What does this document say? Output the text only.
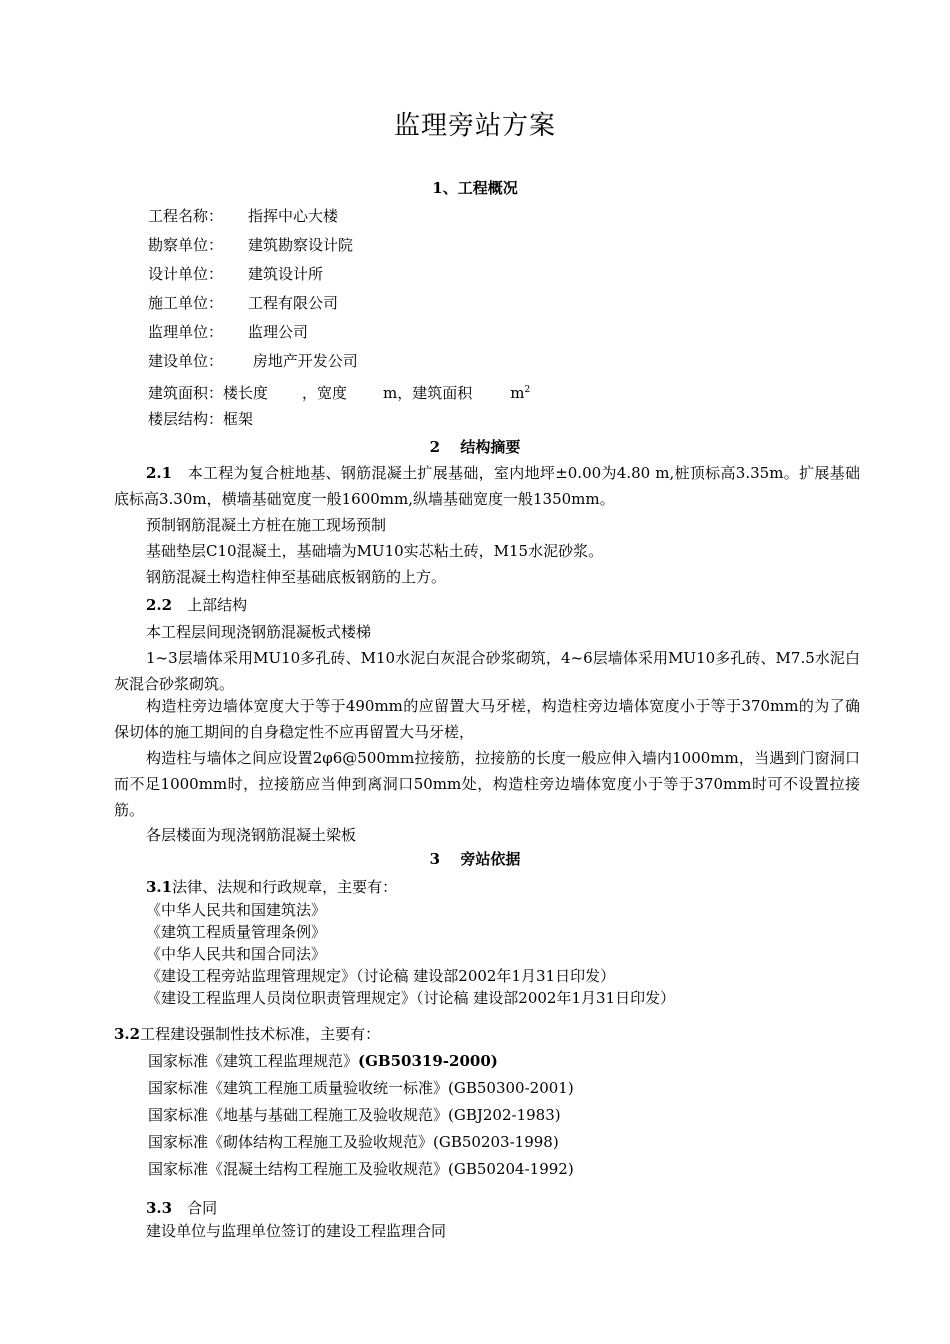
监理旁站方案
1、工程概况
工程名称： 指挥中心大楼
勘察单位： 建筑勘察设计院
设计单位： 建筑设计所
施工单位： 工程有限公司
监理单位： 监理公司
建设单位： 房地产开发公司
建筑面积：楼长度 ，宽度 m，建筑面积	$m^2$
楼层结构：框架
2　 结构摘要
2.1　本工程为复合桩地基、钢筋混凝土扩展基础，室内地坪±0.00为4.80 m,桩顶标高3.35m。扩展基础底标高3.30m，横墙基础宽度一般1600mm,纵墙基础宽度一般1350mm。
预制钢筋混凝土方桩在施工现场预制
基础垫层C10混凝土，基础墙为MU10实芯粘土砖，M15水泥砂浆。
钢筋混凝土构造柱伸至基础底板钢筋的上方。
2.2　上部结构
本工程层间现浇钢筋混凝板式楼梯
1~3层墙体采用MU10多孔砖、M10水泥白灰混合砂浆砌筑，4~6层墙体采用MU10多孔砖、M7.5水泥白灰混合砂浆砌筑。
构造柱旁边墙体宽度大于等于490mm的应留置大马牙槎，构造柱旁边墙体宽度小于等于370mm的为了确保切体的施工期间的自身稳定性不应再留置大马牙槎，
构造柱与墙体之间应设置2φ6@500mm拉接筋，拉接筋的长度一般应伸入墙内1000mm，当遇到门窗洞口而不足1000mm时，拉接筋应当伸到离洞口50mm处，构造柱旁边墙体宽度小于等于370mm时可不设置拉接筋。
各层楼面为现浇钢筋混凝土梁板
3　 旁站依据
3.1法律、法规和行政规章，主要有：
《中华人民共和国建筑法》
《建筑工程质量管理条例》
《中华人民共和国合同法》
《建设工程旁站监理管理规定》（讨论稿 建设部2002年1月31日印发）
《建设工程监理人员岗位职责管理规定》（讨论稿 建设部2002年1月31日印发）
3.2工程建设强制性技术标准，主要有：
国家标准《建筑工程监理规范》(GB50319-2000)
国家标准《建筑工程施工质量验收统一标准》(GB50300-2001)
国家标准《地基与基础工程施工及验收规范》(GBJ202-1983)
国家标准《砌体结构工程施工及验收规范》(GB50203-1998)
国家标准《混凝土结构工程施工及验收规范》(GB50204-1992)
3.3　合同
建设单位与监理单位签订的建设工程监理合同
